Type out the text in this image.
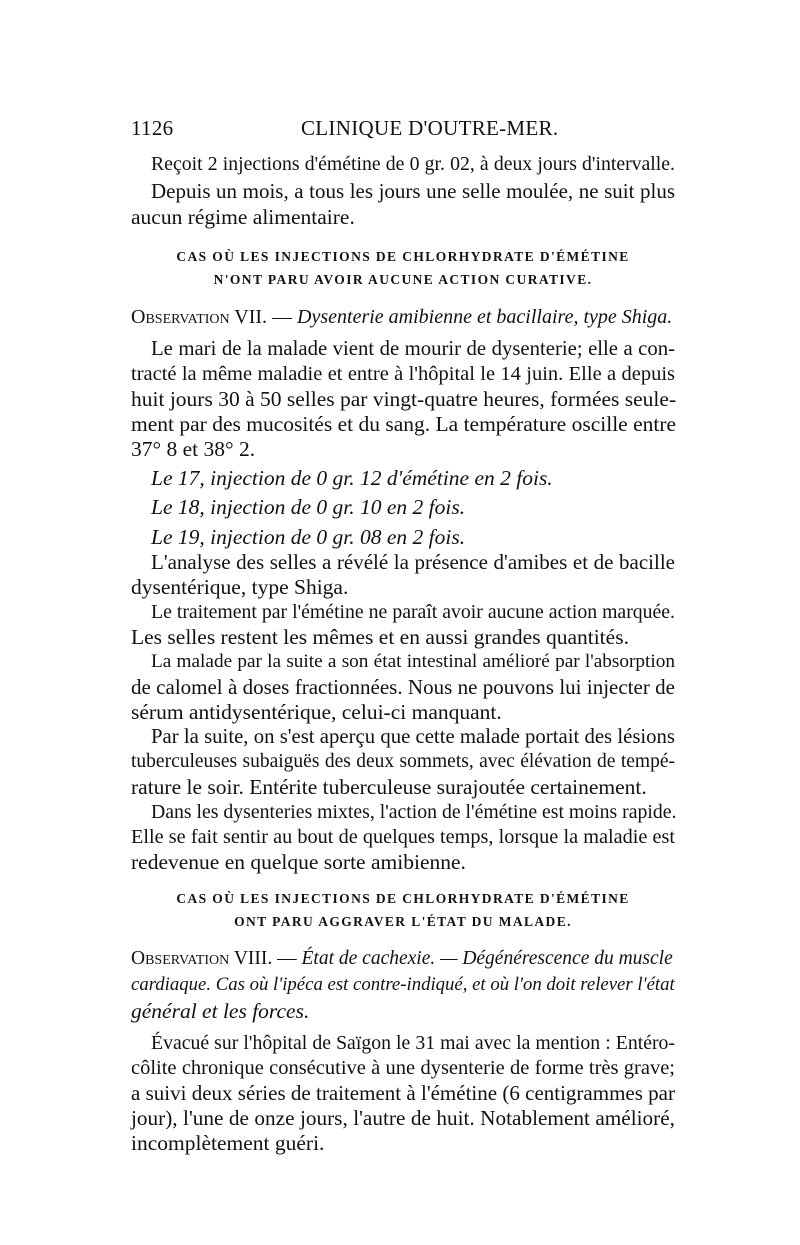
1126	CLINIQUE D'OUTRE-MER.
Reçoit 2 injections d'émétine de 0 gr. 02, à deux jours d'intervalle.
Depuis un mois, a tous les jours une selle moulée, ne suit plus
aucun régime alimentaire.
CAS OÙ LES INJECTIONS DE CHLORHYDRATE D'ÉMÉTINE
N'ONT PARU AVOIR AUCUNE ACTION CURATIVE.
Observation VII. — Dysenterie amibienne et bacillaire, type Shiga.
Le mari de la malade vient de mourir de dysenterie; elle a con-
tracté la même maladie et entre à l'hôpital le 14 juin. Elle a depuis
huit jours 30 à 50 selles par vingt-quatre heures, formées seule-
ment par des mucosités et du sang. La température oscille entre
37° 8 et 38° 2.
Le 17, injection de 0 gr. 12 d'émétine en 2 fois.
Le 18, injection de 0 gr. 10 en 2 fois.
Le 19, injection de 0 gr. 08 en 2 fois.
L'analyse des selles a révélé la présence d'amibes et de bacille
dysentérique, type Shiga.
Le traitement par l'émétine ne paraît avoir aucune action marquée.
Les selles restent les mêmes et en aussi grandes quantités.
La malade par la suite a son état intestinal amélioré par l'absorption
de calomel à doses fractionnées. Nous ne pouvons lui injecter de
sérum antidysentérique, celui-ci manquant.
Par la suite, on s'est aperçu que cette malade portait des lésions
tuberculeuses subaiguës des deux sommets, avec élévation de tempé-
rature le soir. Entérite tuberculeuse surajoutée certainement.
Dans les dysenteries mixtes, l'action de l'émétine est moins rapide.
Elle se fait sentir au bout de quelques temps, lorsque la maladie est
redevenue en quelque sorte amibienne.
CAS OÙ LES INJECTIONS DE CHLORHYDRATE D'ÉMÉTINE
ONT PARU AGGRAVER L'ÉTAT DU MALADE.
Observation VIII. — État de cachexie. — Dégénérescence du muscle
cardiaque. Cas où l'ipéca est contre-indiqué, et où l'on doit relever l'état
général et les forces.
Évacué sur l'hôpital de Saïgon le 31 mai avec la mention : Entéro-
côlite chronique consécutive à une dysenterie de forme très grave;
a suivi deux séries de traitement à l'émétine (6 centigrammes par
jour), l'une de onze jours, l'autre de huit. Notablement amélioré,
incomplètement guéri.
